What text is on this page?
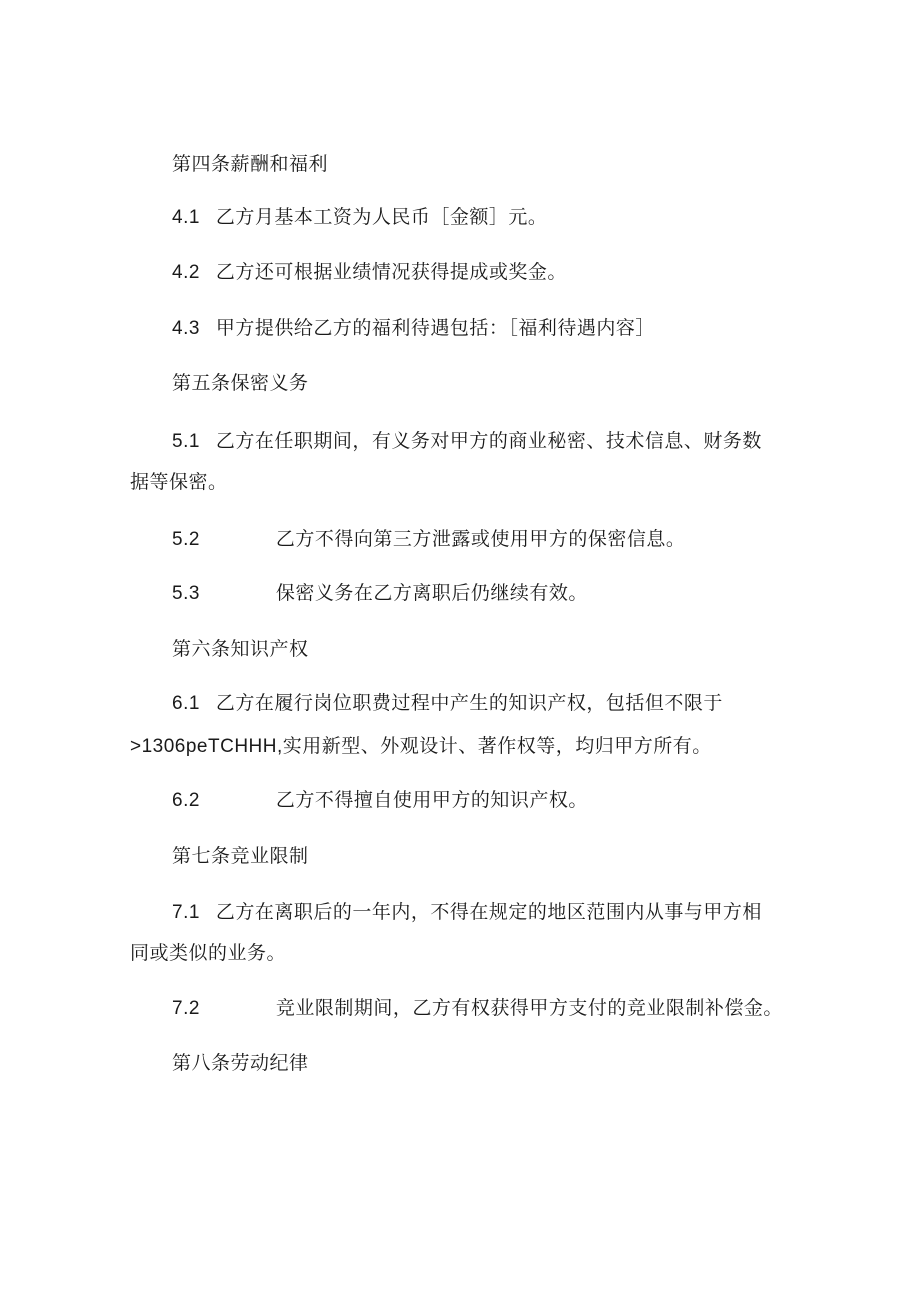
第四条薪酬和福利
4.1 乙方月基本工资为人民币［金额］元。
4.2 乙方还可根据业绩情况获得提成或奖金。
4.3 甲方提供给乙方的福利待遇包括：［福利待遇内容］
第五条保密义务
5.1 乙方在任职期间，有义务对甲方的商业秘密、技术信息、财务数
据等保密。
5.2	乙方不得向第三方泄露或使用甲方的保密信息。
5.3	保密义务在乙方离职后仍继续有效。
第六条知识产权
6.1 乙方在履行岗位职费过程中产生的知识产权，包括但不限于
>1306peTCHHH,实用新型、外观设计、著作权等，均归甲方所有。
6.2	乙方不得擅自使用甲方的知识产权。
第七条竞业限制
7.1 乙方在离职后的一年内，不得在规定的地区范围内从事与甲方相
同或类似的业务。
7.2	竞业限制期间，乙方有权获得甲方支付的竞业限制补偿金。
第八条劳动纪律
